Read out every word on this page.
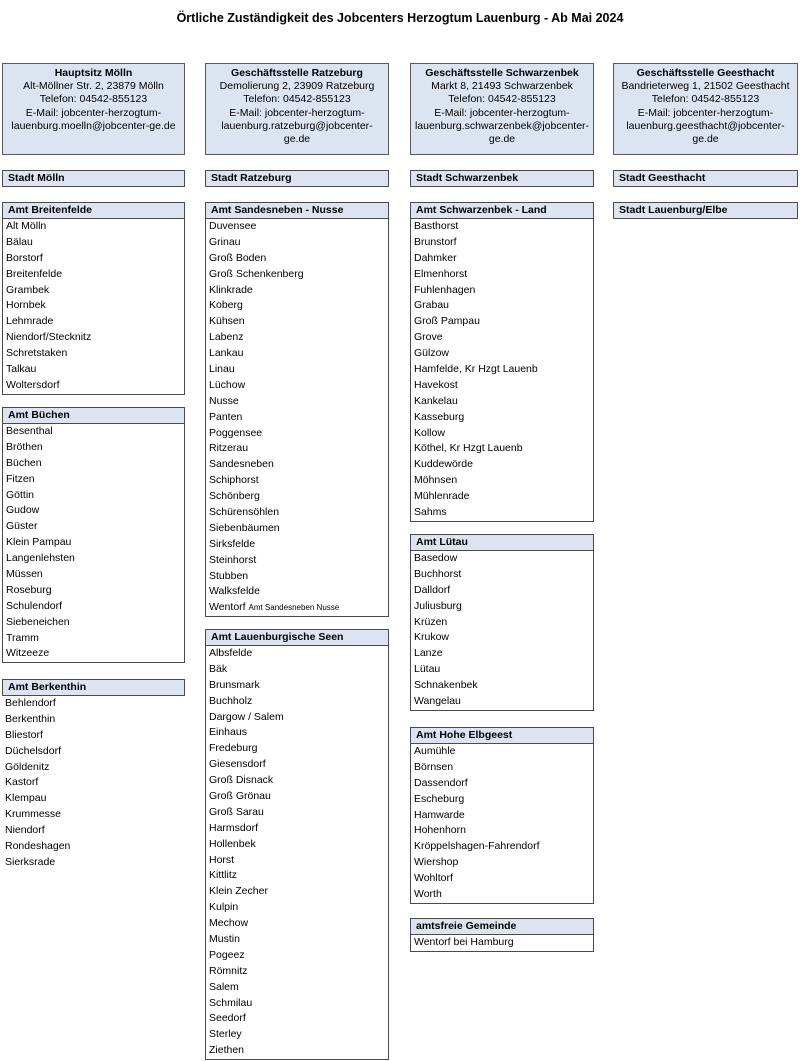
Örtliche Zuständigkeit des Jobcenters Herzogtum Lauenburg - Ab Mai 2024
Hauptsitz Mölln
Alt-Möllner Str. 2, 23879 Mölln
Telefon: 04542-855123
E-Mail: jobcenter-herzogtum-
lauenburg.moelln@jobcenter-ge.de
Geschäftsstelle Ratzeburg
Demolierung 2, 23909 Ratzeburg
Telefon: 04542-855123
E-Mail: jobcenter-herzogtum-
lauenburg.ratzeburg@jobcenter-
ge.de
Geschäftsstelle Schwarzenbek
Markt 8, 21493 Schwarzenbek
Telefon: 04542-855123
E-Mail: jobcenter-herzogtum-
lauenburg.schwarzenbek@jobcenter-
ge.de
Geschäftsstelle Geesthacht
Bandrieterweg 1, 21502 Geesthacht
Telefon: 04542-855123
E-Mail: jobcenter-herzogtum-
lauenburg.geesthacht@jobcenter-
ge.de
Stadt Mölln	Stadt Ratzeburg	Stadt Schwarzenbek	Stadt Geesthacht
Amt Breitenfelde
Alt Mölln
Bälau
Borstorf
Breitenfelde
Grambek
Hornbek
Lehmrade
Niendorf/Stecknitz
Schretstaken
Talkau
Woltersdorf
Amt Büchen
Besenthal
Bröthen
Büchen
Fitzen
Göttin
Gudow
Güster
Klein Pampau
Langenlehsten
Müssen
Roseburg
Schulendorf
Siebeneichen
Tramm
Witzeeze
Amt Berkenthin
Behlendorf
Berkenthin
Bliestorf
Düchelsdorf
Göldenitz
Kastorf
Klempau
Krummesse
Niendorf
Rondeshagen
Sierksrade
Amt Sandesneben - Nusse
Duvensee
Grinau
Groß Boden
Groß Schenkenberg
Klinkrade
Koberg
Kühsen
Labenz
Lankau
Linau
Lüchow
Nusse
Panten
Poggensee
Ritzerau
Sandesneben
Schiphorst
Schönberg
Schürensöhlen
Siebenbäumen
Sirksfelde
Steinhorst
Stubben
Walksfelde
Wentorf Amt Sandesneben Nusse
Amt Lauenburgische Seen
Albsfelde
Bäk
Brunsmark
Buchholz
Dargow / Salem
Einhaus
Fredeburg
Giesensdorf
Groß Disnack
Groß Grönau
Groß Sarau
Harmsdorf
Hollenbek
Horst
Kittlitz
Klein Zecher
Kulpin
Mechow
Mustin
Pogeez
Römnitz
Salem
Schmilau
Seedorf
Sterley
Ziethen
Amt Schwarzenbek - Land
Basthorst
Brunstorf
Dahmker
Elmenhorst
Fuhlenhagen
Grabau
Groß Pampau
Grove
Gülzow
Hamfelde, Kr Hzgt Lauenb
Havekost
Kankelau
Kasseburg
Kollow
Köthel, Kr Hzgt Lauenb
Kuddewörde
Möhnsen
Mühlenrade
Sahms
Amt Lütau
Basedow
Buchhorst
Dalldorf
Juliusburg
Krüzen
Krukow
Lanze
Lütau
Schnakenbek
Wangelau
Amt Hohe Elbgeest
Aumühle
Börnsen
Dassendorf
Escheburg
Hamwarde
Hohenhorn
Kröppelshagen-Fahrendorf
Wiershop
Wohltorf
Worth
amtsfreie Gemeinde
Wentorf bei Hamburg
Stadt Lauenburg/Elbe
